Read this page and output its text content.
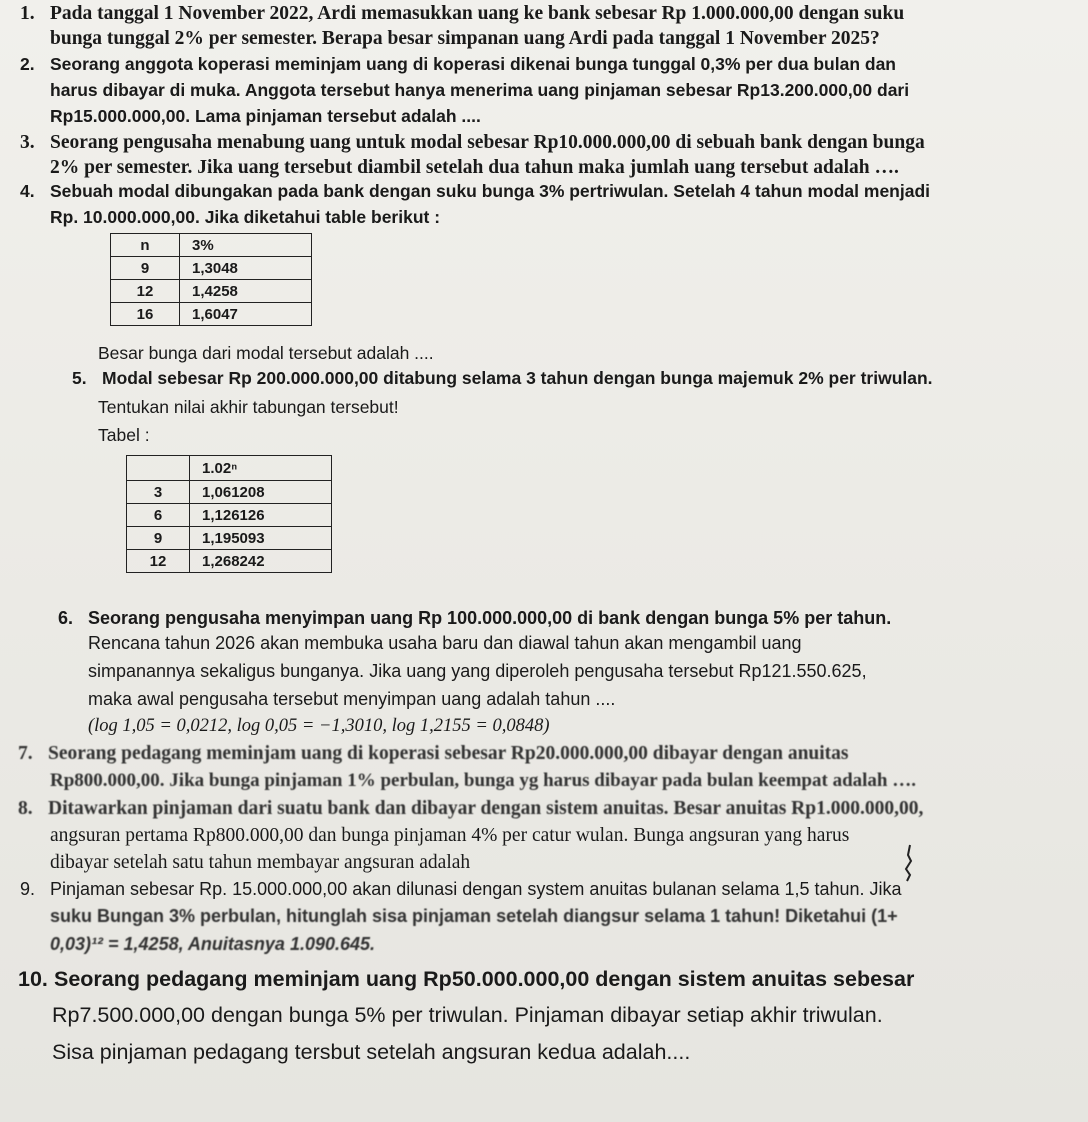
1. Pada tanggal 1 November 2022, Ardi memasukkan uang ke bank sebesar Rp 1.000.000,00 dengan suku
bunga tunggal 2% per semester. Berapa besar simpanan uang Ardi pada tanggal 1 November 2025?
2. Seorang anggota koperasi meminjam uang di koperasi dikenai bunga tunggal 0,3% per dua bulan dan
harus dibayar di muka. Anggota tersebut hanya menerima uang pinjaman sebesar Rp13.200.000,00 dari
Rp15.000.000,00. Lama pinjaman tersebut adalah ....
3. Seorang pengusaha menabung uang untuk modal sebesar Rp10.000.000,00 di sebuah bank dengan bunga
2% per semester. Jika uang tersebut diambil setelah dua tahun maka jumlah uang tersebut adalah ….
4. Sebuah modal dibungakan pada bank dengan suku bunga 3% pertriwulan. Setelah 4 tahun modal menjadi
Rp. 10.000.000,00. Jika diketahui table berikut :
n	3%
9	1,3048
12	1,4258
16	1,6047
Besar bunga dari modal tersebut adalah ....
5. Modal sebesar Rp 200.000.000,00 ditabung selama 3 tahun dengan bunga majemuk 2% per triwulan.
Tentukan nilai akhir tabungan tersebut!
Tabel :
	1.02ⁿ
3	1,061208
6	1,126126
9	1,195093
12	1,268242
6. Seorang pengusaha menyimpan uang Rp 100.000.000,00 di bank dengan bunga 5% per tahun.
Rencana tahun 2026 akan membuka usaha baru dan diawal tahun akan mengambil uang
simpanannya sekaligus bunganya. Jika uang yang diperoleh pengusaha tersebut Rp121.550.625,
maka awal pengusaha tersebut menyimpan uang adalah tahun ....
(log 1,05 = 0,0212, log 0,05 = −1,3010, log 1,2155 = 0,0848)
7. Seorang pedagang meminjam uang di koperasi sebesar Rp20.000.000,00 dibayar dengan anuitas
Rp800.000,00. Jika bunga pinjaman 1% perbulan, bunga yg harus dibayar pada bulan keempat adalah ….
8. Ditawarkan pinjaman dari suatu bank dan dibayar dengan sistem anuitas. Besar anuitas Rp1.000.000,00,
angsuran pertama Rp800.000,00 dan bunga pinjaman 4% per catur wulan. Bunga angsuran yang harus
dibayar setelah satu tahun membayar angsuran adalah
9. Pinjaman sebesar Rp. 15.000.000,00 akan dilunasi dengan system anuitas bulanan selama 1,5 tahun. Jika
suku Bungan 3% perbulan, hitunglah sisa pinjaman setelah diangsur selama 1 tahun! Diketahui (1+
0,03)¹² = 1,4258, Anuitasnya 1.090.645.
10. Seorang pedagang meminjam uang Rp50.000.000,00 dengan sistem anuitas sebesar
Rp7.500.000,00 dengan bunga 5% per triwulan. Pinjaman dibayar setiap akhir triwulan.
Sisa pinjaman pedagang tersbut setelah angsuran kedua adalah....
